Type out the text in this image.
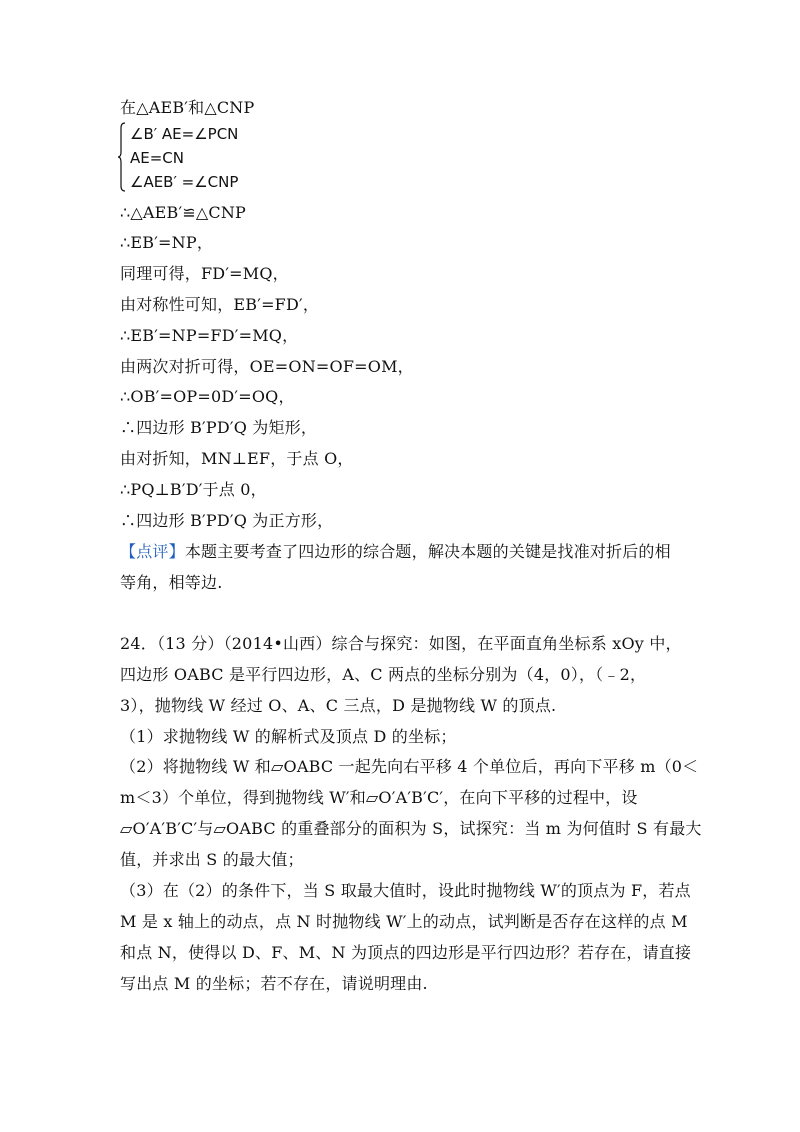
在△AEB′和△CNP
∠B′ AE=∠PCN
AE=CN
∠AEB′ =∠CNP
∴△AEB′≌△CNP
∴EB′=NP，
同理可得，FD′=MQ，
由对称性可知，EB′=FD′，
∴EB′=NP=FD′=MQ，
由两次对折可得，OE=ON=OF=OM，
∴OB′=OP=0D′=OQ，
∴四边形 B′PD′Q 为矩形，
由对折知，MN⊥EF，于点 O，
∴PQ⊥B′D′于点 0，
∴四边形 B′PD′Q 为正方形，
【点评】本题主要考查了四边形的综合题，解决本题的关键是找准对折后的相
等角，相等边.
24．（13 分）（2014•山西）综合与探究：如图，在平面直角坐标系 xOy 中，
四边形 OABC 是平行四边形，A、C 两点的坐标分别为（4，0），（﹣2，
3），抛物线 W 经过 O、A、C 三点，D 是抛物线 W 的顶点.
（1）求抛物线 W 的解析式及顶点 D 的坐标；
（2）将抛物线 W 和▱OABC 一起先向右平移 4 个单位后，再向下平移 m（0＜
m＜3）个单位，得到抛物线 W′和▱O′A′B′C′，在向下平移的过程中，设
▱O′A′B′C′与▱OABC 的重叠部分的面积为 S，试探究：当 m 为何值时 S 有最大
值，并求出 S 的最大值；
（3）在（2）的条件下，当 S 取最大值时，设此时抛物线 W′的顶点为 F，若点
M 是 x 轴上的动点，点 N 时抛物线 W′上的动点，试判断是否存在这样的点 M
和点 N，使得以 D、F、M、N 为顶点的四边形是平行四边形？若存在，请直接
写出点 M 的坐标；若不存在，请说明理由.
